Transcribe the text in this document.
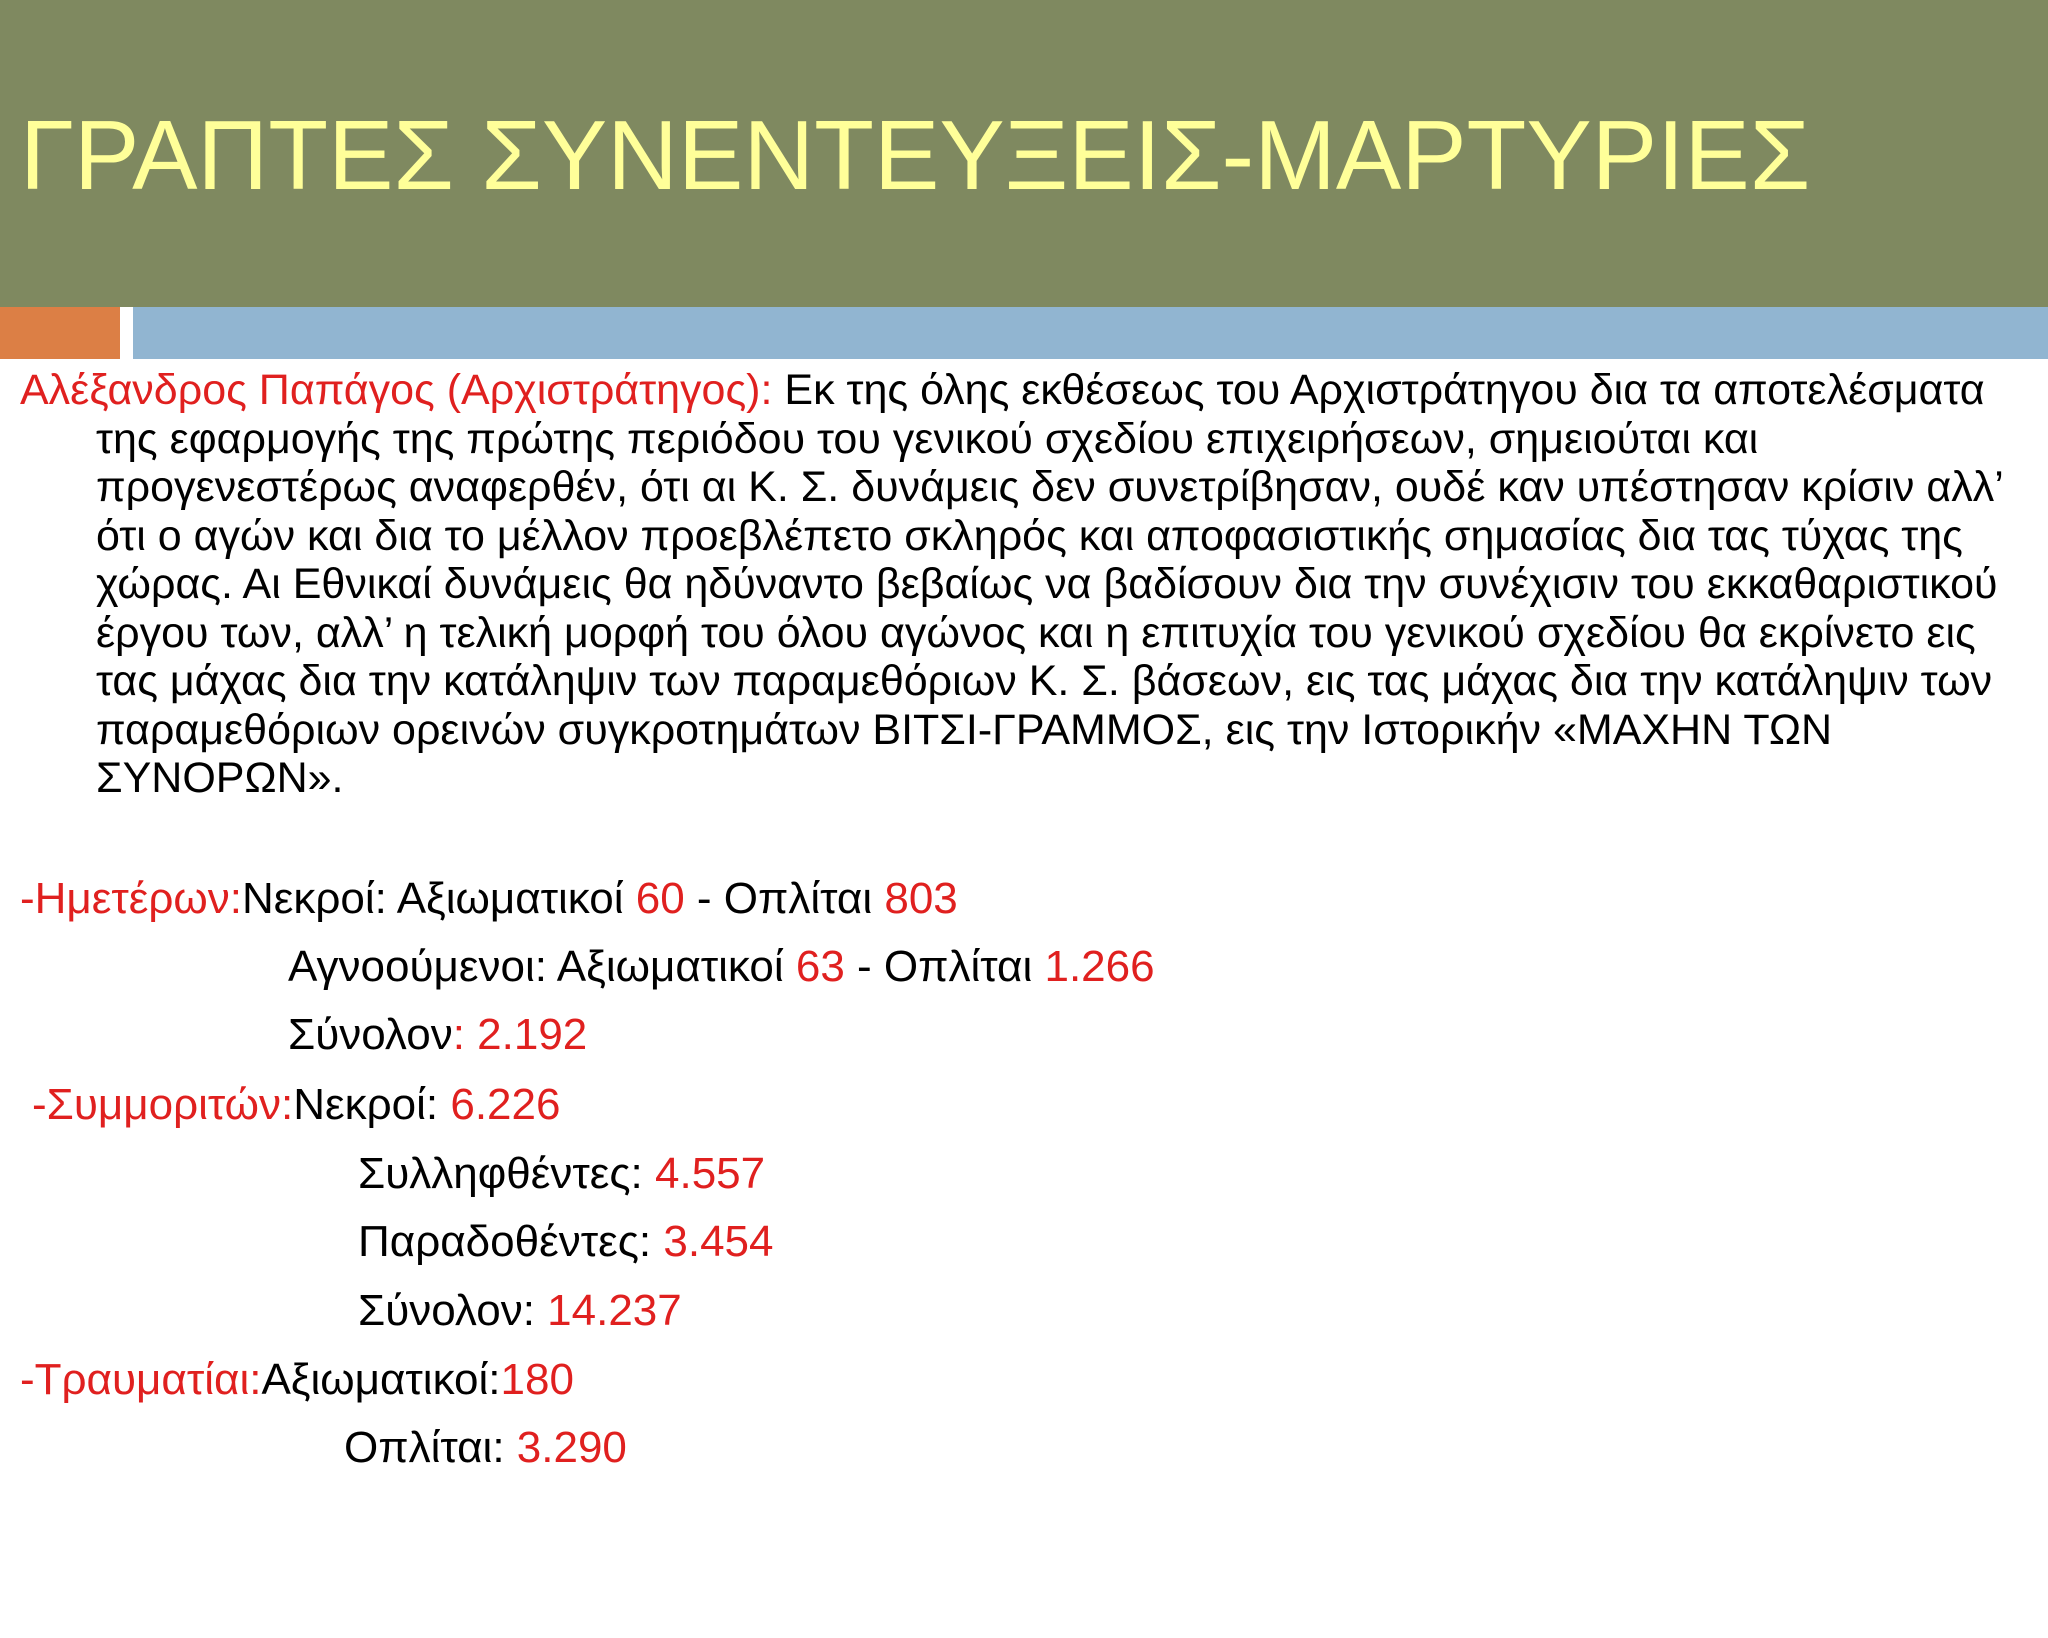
ΓΡΑΠΤΕΣ ΣΥΝΕΝΤΕΥΞΕΙΣ-ΜΑΡΤΥΡΙΕΣ

Αλέξανδρος Παπάγος (Αρχιστράτηγος): Εκ της όλης εκθέσεως του Αρχιστράτηγου δια τα αποτελέσματα της εφαρμογής της πρώτης περιόδου του γενικού σχεδίου επιχειρήσεων, σημειούται και προγενεστέρως αναφερθέν, ότι αι Κ. Σ. δυνάμεις δεν συνετρίβησαν, ουδέ καν υπέστησαν κρίσιν αλλ’ ότι ο αγών και δια το μέλλον προεβλέπετο σκληρός και αποφασιστικής σημασίας δια τας τύχας της χώρας. Αι Εθνικαί δυνάμεις θα ηδύναντο βεβαίως να βαδίσουν δια την συνέχισιν του εκκαθαριστικού έργου των, αλλ’ η τελική μορφή του όλου αγώνος και η επιτυχία του γενικού σχεδίου θα εκρίνετο εις τας μάχας δια την κατάληψιν των παραμεθόριων Κ. Σ. βάσεων, εις τας μάχας δια την κατάληψιν των παραμεθόριων ορεινών συγκροτημάτων ΒΙΤΣΙ-ΓΡΑΜΜΟΣ, εις την Ιστορικήν «ΜΑΧΗΝ ΤΩΝ ΣΥΝΟΡΩΝ».

-Ημετέρων:Νεκροί: Αξιωματικοί 60 - Οπλίται 803
Αγνοούμενοι: Αξιωματικοί 63 - Οπλίται 1.266
Σύνολον: 2.192
-Συμμοριτών:Νεκροί: 6.226
Συλληφθέντες: 4.557
Παραδοθέντες: 3.454
Σύνολον: 14.237
-Τραυματίαι:Αξιωματικοί:180
Οπλίται: 3.290
